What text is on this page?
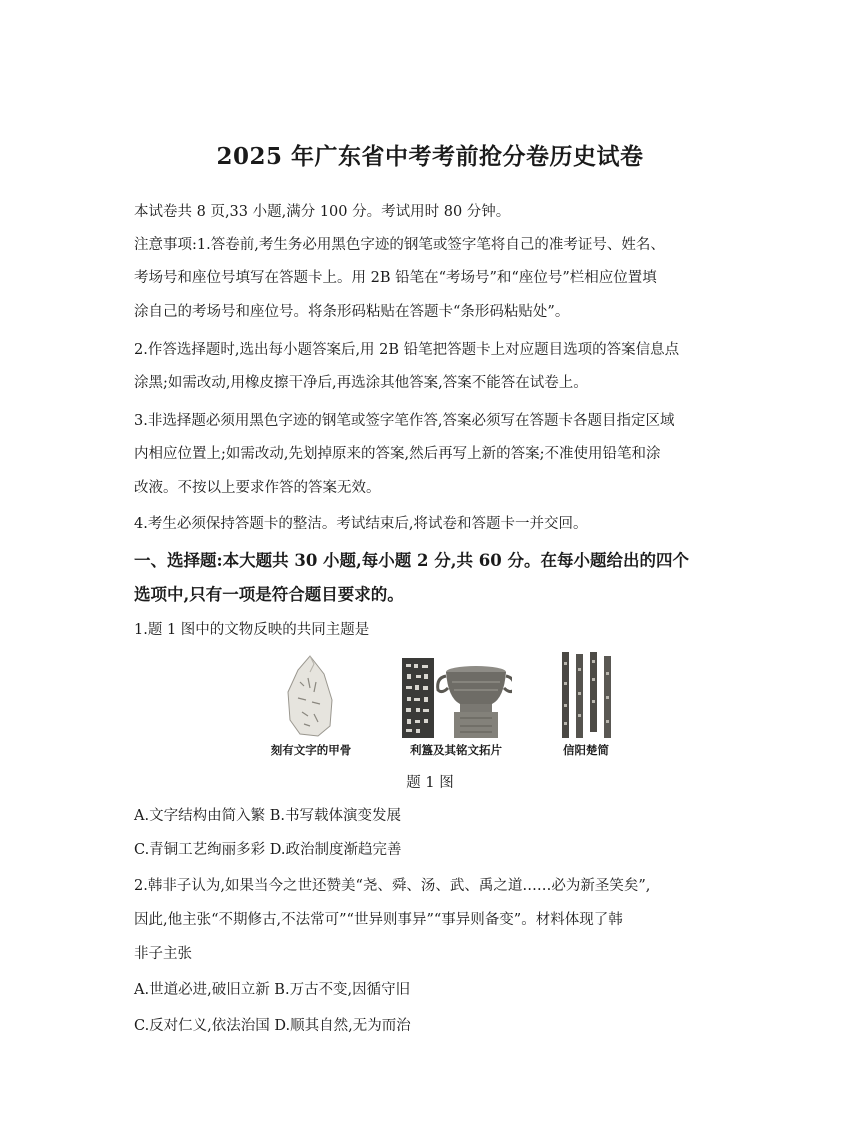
2025 年广东省中考考前抢分卷历史试卷
本试卷共 8 页,33 小题,满分 100 分。考试用时 80 分钟。
注意事项:1.答卷前,考生务必用黑色字迹的钢笔或签字笔将自己的准考证号、姓名、
考场号和座位号填写在答题卡上。用 2B 铅笔在“考场号”和“座位号”栏相应位置填
涂自己的考场号和座位号。将条形码粘贴在答题卡“条形码粘贴处”。
2.作答选择题时,选出每小题答案后,用 2B 铅笔把答题卡上对应题目选项的答案信息点
涂黑;如需改动,用橡皮擦干净后,再选涂其他答案,答案不能答在试卷上。
3.非选择题必须用黑色字迹的钢笔或签字笔作答,答案必须写在答题卡各题目指定区域
内相应位置上;如需改动,先划掉原来的答案,然后再写上新的答案;不准使用铅笔和涂
改液。不按以上要求作答的答案无效。
4.考生必须保持答题卡的整洁。考试结束后,将试卷和答题卡一并交回。
一、选择题:本大题共 30 小题,每小题 2 分,共 60 分。在每小题给出的四个
选项中,只有一项是符合题目要求的。
1.题 1 图中的文物反映的共同主题是
刻有文字的甲骨	利簋及其铭文拓片	信阳楚简
题 1 图
A.文字结构由简入繁 B.书写载体演变发展
C.青铜工艺绚丽多彩 D.政治制度渐趋完善
2.韩非子认为,如果当今之世还赞美“尧、舜、汤、武、禹之道……必为新圣笑矣”,
因此,他主张“不期修古,不法常可”“世异则事异”“事异则备变”。材料体现了韩
非子主张
A.世道必进,破旧立新 B.万古不变,因循守旧
C.反对仁义,依法治国 D.顺其自然,无为而治
